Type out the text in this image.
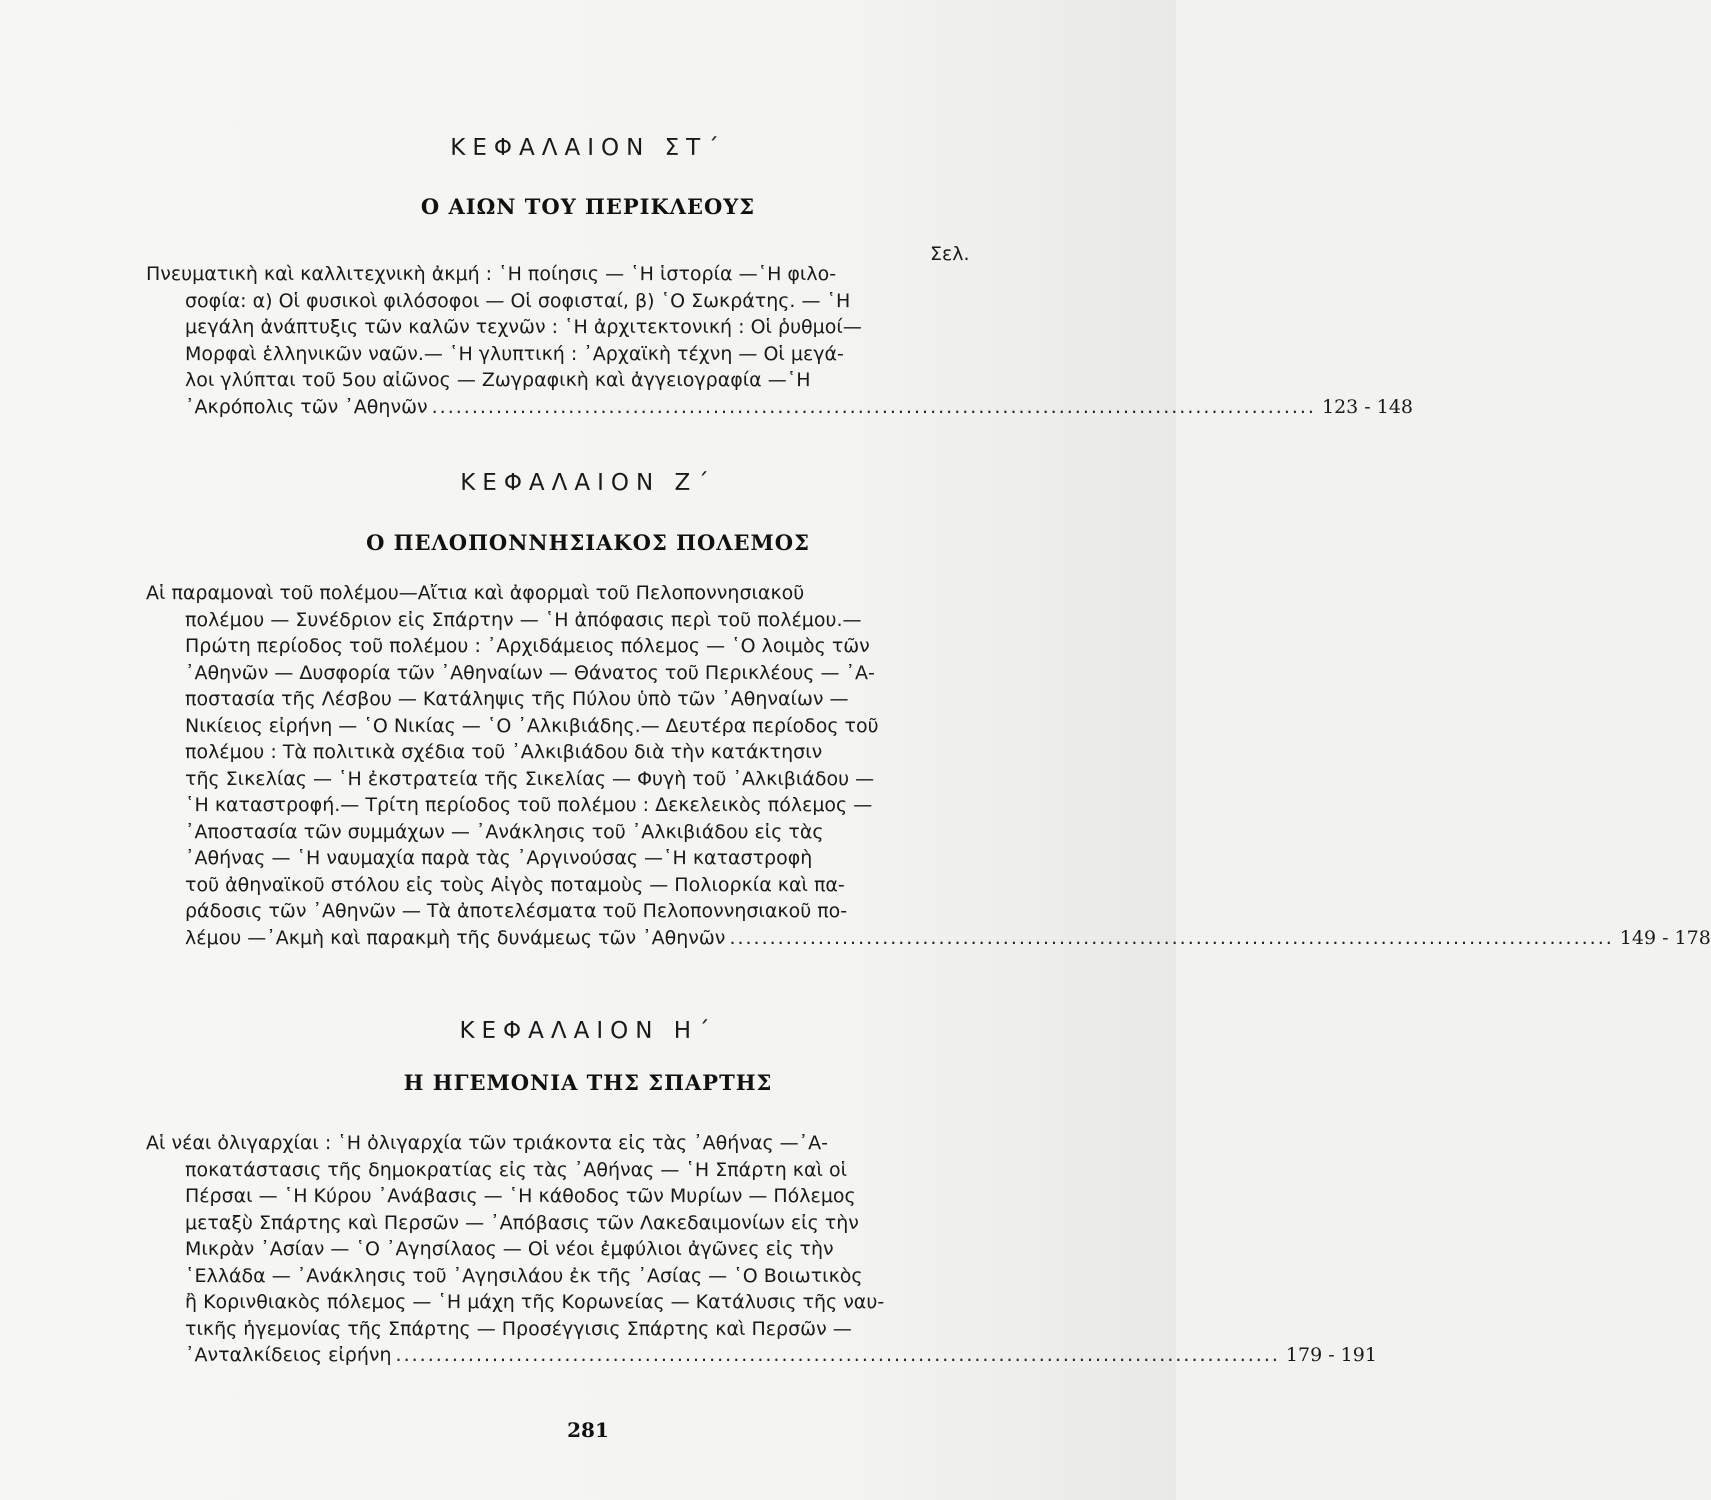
ΚΕΦΑΛΑΙΟΝ ΣΤ΄
Ο ΑΙΩΝ ΤΟΥ ΠΕΡΙΚΛΕΟΥΣ
Σελ.
Πνευματικὴ καὶ καλλιτεχνικὴ ἀκμή : ῾Η ποίησις — ῾Η ἱστορία —῾Η φιλο-
σοφία: α) Οἱ φυσικοὶ φιλόσοφοι — Οἱ σοφισταί, β) ῾Ο Σωκράτης. — ῾Η
μεγάλη ἀνάπτυξις τῶν καλῶν τεχνῶν : ῾Η ἀρχιτεκτονική : Οἱ ῥυθμοί—
Μορφαὶ ἑλληνικῶν ναῶν.— ῾Η γλυπτική : ᾿Αρχαϊκὴ τέχνη — Οἱ μεγά-
λοι γλύπται τοῦ 5ου αἰῶνος — Ζωγραφικὴ καὶ ἀγγειογραφία —῾Η
᾿Ακρόπολις τῶν ᾿Αθηνῶν .............................................................................................................. 123 - 148
ΚΕΦΑΛΑΙΟΝ Ζ΄
Ο ΠΕΛΟΠΟΝΝΗΣΙΑΚΟΣ ΠΟΛΕΜΟΣ
Αἱ παραμοναὶ τοῦ πολέμου—Αἴτια καὶ ἀφορμαὶ τοῦ Πελοποννησιακοῦ
πολέμου — Συνέδριον εἰς Σπάρτην — ῾Η ἀπόφασις περὶ τοῦ πολέμου.—
Πρώτη περίοδος τοῦ πολέμου : ᾿Αρχιδάμειος πόλεμος — ῾Ο λοιμὸς τῶν
᾿Αθηνῶν — Δυσφορία τῶν ᾿Αθηναίων — Θάνατος τοῦ Περικλέους — ᾿Α-
ποστασία τῆς Λέσβου — Κατάληψις τῆς Πύλου ὑπὸ τῶν ᾿Αθηναίων —
Νικίειος εἰρήνη — ῾Ο Νικίας — ῾Ο ᾿Αλκιβιάδης.— Δευτέρα περίοδος τοῦ
πολέμου : Τὰ πολιτικὰ σχέδια τοῦ ᾿Αλκιβιάδου διὰ τὴν κατάκτησιν
τῆς Σικελίας — ῾Η ἐκστρατεία τῆς Σικελίας — Φυγὴ τοῦ ᾿Αλκιβιάδου —
῾Η καταστροφή.— Τρίτη περίοδος τοῦ πολέμου : Δεκελεικὸς πόλεμος —
᾿Αποστασία τῶν συμμάχων — ᾿Ανάκλησις τοῦ ᾿Αλκιβιάδου εἰς τὰς
᾿Αθήνας — ῾Η ναυμαχία παρὰ τὰς ᾿Αργινούσας —῾Η καταστροφὴ
τοῦ ἀθηναϊκοῦ στόλου εἰς τοὺς Αἰγὸς ποταμοὺς — Πολιορκία καὶ πα-
ράδοσις τῶν ᾿Αθηνῶν — Τὰ ἀποτελέσματα τοῦ Πελοποννησιακοῦ πο-
λέμου —᾿Ακμὴ καὶ παρακμὴ τῆς δυνάμεως τῶν ᾿Αθηνῶν .............................................................................................................. 149 - 178
ΚΕΦΑΛΑΙΟΝ Η΄
Η ΗΓΕΜΟΝΙΑ ΤΗΣ ΣΠΑΡΤΗΣ
Αἱ νέαι ὀλιγαρχίαι : ῾Η ὀλιγαρχία τῶν τριάκοντα εἰς τὰς ᾿Αθήνας —᾿Α-
ποκατάστασις τῆς δημοκρατίας εἰς τὰς ᾿Αθήνας — ῾Η Σπάρτη καὶ οἱ
Πέρσαι — ῾Η Κύρου ᾿Ανάβασις — ῾Η κάθοδος τῶν Μυρίων — Πόλεμος
μεταξὺ Σπάρτης καὶ Περσῶν — ᾿Απόβασις τῶν Λακεδαιμονίων εἰς τὴν
Μικρὰν ᾿Ασίαν — ῾Ο ᾿Αγησίλαος — Οἱ νέοι ἐμφύλιοι ἀγῶνες εἰς τὴν
῾Ελλάδα — ᾿Ανάκλησις τοῦ ᾿Αγησιλάου ἐκ τῆς ᾿Ασίας — ῾Ο Βοιωτικὸς
ἢ Κορινθιακὸς πόλεμος — ῾Η μάχη τῆς Κορωνείας — Κατάλυσις τῆς ναυ-
τικῆς ἡγεμονίας τῆς Σπάρτης — Προσέγγισις Σπάρτης καὶ Περσῶν —
᾿Ανταλκίδειος εἰρήνη .............................................................................................................. 179 - 191
281
